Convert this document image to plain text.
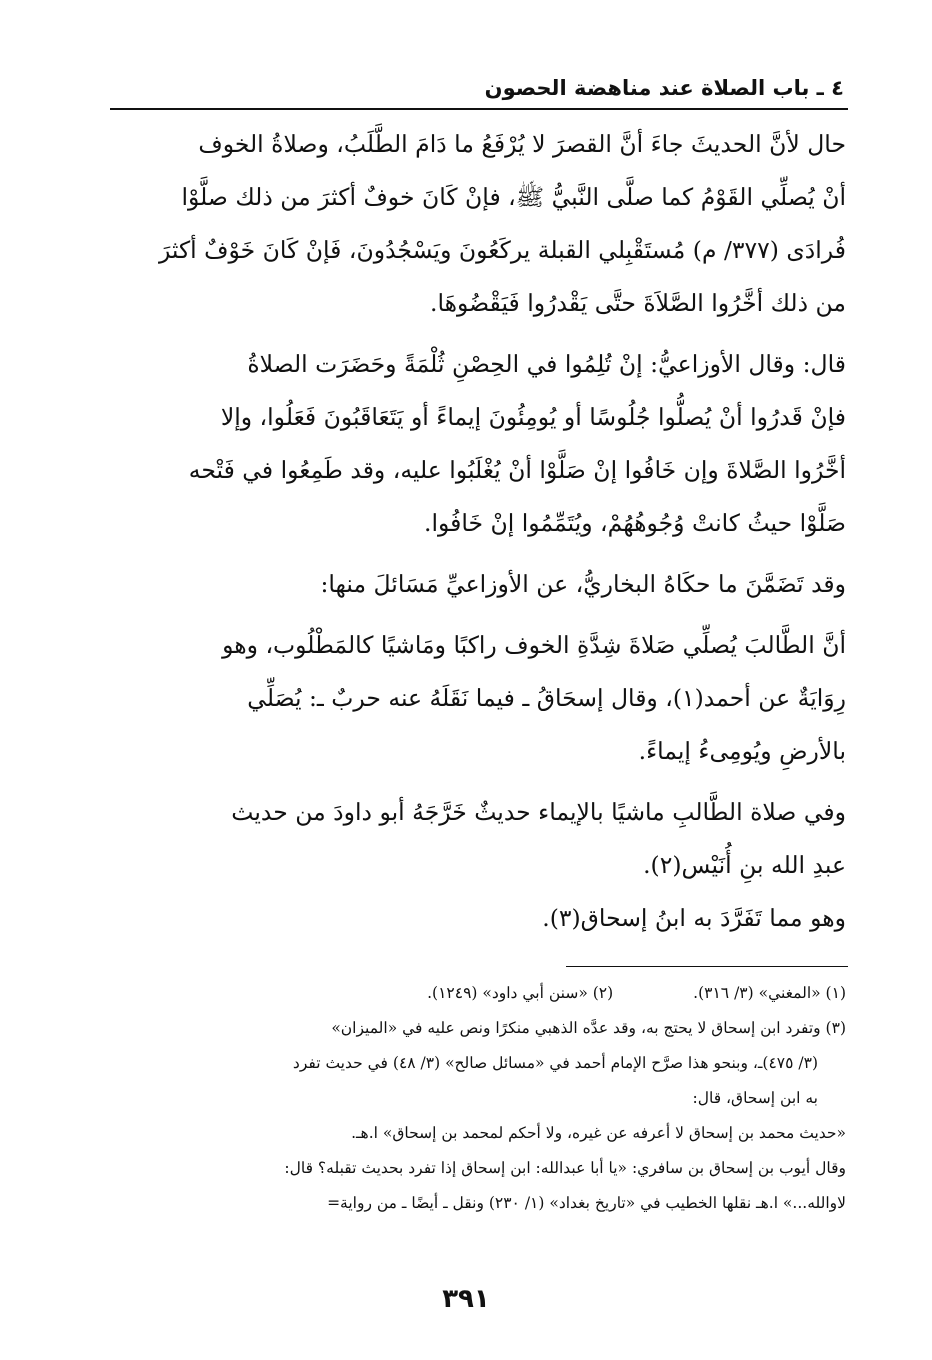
٤ ـ باب الصلاة عند مناهضة الحصون
حال لأنَّ الحديثَ جاءَ أنَّ القصرَ لا يُرْفَعُ ما دَامَ الطَّلَبُ، وصلاةُ الخوف
أنْ يُصلِّي القَوْمُ كما صلَّى النَّبيُّ ﷺ، فإنْ كَانَ خوفٌ أكثرَ من ذلك صلَّوْا
فُرادَى (٣٧٧/ م) مُستَقْبِلي القبلة يركَعُونَ ويَسْجُدُونَ، فَإنْ كَانَ خَوْفٌ أكثرَ
من ذلك أخَّرُوا الصَّلاَةَ حتَّى يَقْدرُوا فَيَقْضُوهَا.
قال: وقال الأوزاعيُّ: إنْ تُلِمُوا في الحِصْنِ ثُلْمَةً وحَضَرَت الصلاةُ
فإنْ قَدرُوا أنْ يُصلُّوا جُلُوسًا أو يُومِئُونَ إيماءً أو يَتَعَاقَبُونَ فَعَلُوا، وإلا
أخَّرُوا الصَّلاةَ وإن خَافُوا إنْ صَلَّوْا أنْ يُغْلَبُوا عليه، وقد طَمِعُوا في فَتْحه
صَلَّوْا حيثُ كانتْ وُجُوهُهُمْ، ويُتَمِّمُوا إنْ خَافُوا.
وقد تَضَمَّنَ ما حكَاهُ البخاريُّ، عن الأوزاعيِّ مَسَائلَ منها:
أنَّ الطَّالبَ يُصلِّي صَلاةَ شِدَّةِ الخوف راكبًا ومَاشيًا كالمَطْلُوب، وهو
رِوَايَةٌ عن أحمد(١)، وقال إسحَاقُ ـ فيما نَقَلَهُ عنه حربٌ ـ: يُصَلِّي
بالأرضِ ويُومِىءُ إيماءً.
وفي صلاة الطَّالبِ ماشيًا بالإيماء حديثٌ خَرَّجَهُ أبو داودَ من حديث
عبدِ الله بنِ أُنَيْس(٢).
وهو مما تَفَرَّدَ به ابنُ إسحاق(٣).
(١) «المغني» (٣/ ٣١٦).
(٢) «سنن أبي داود» (١٢٤٩).
(٣) وتفرد ابن إسحاق لا يحتج به، وقد عدَّه الذهبي منكرًا ونص عليه في «الميزان»
(٣/ ٤٧٥)ـ، وبنحو هذا صرَّح الإمام أحمد في «مسائل صالح» (٣/ ٤٨) في حديث تفرد
به ابن إسحاق، قال:
«حديث محمد بن إسحاق لا أعرفه عن غيره، ولا أحكم لمحمد بن إسحاق» ا.هـ.
وقال أيوب بن إسحاق بن سافري: «يا أبا عبدالله: ابن إسحاق إذا تفرد بحديث تقبله؟ قال:
لاوالله...» ا.هـ نقلها الخطيب في «تاريخ بغداد» (١/ ٢٣٠) ونقل ـ أيضًا ـ من رواية=
٣٩١
